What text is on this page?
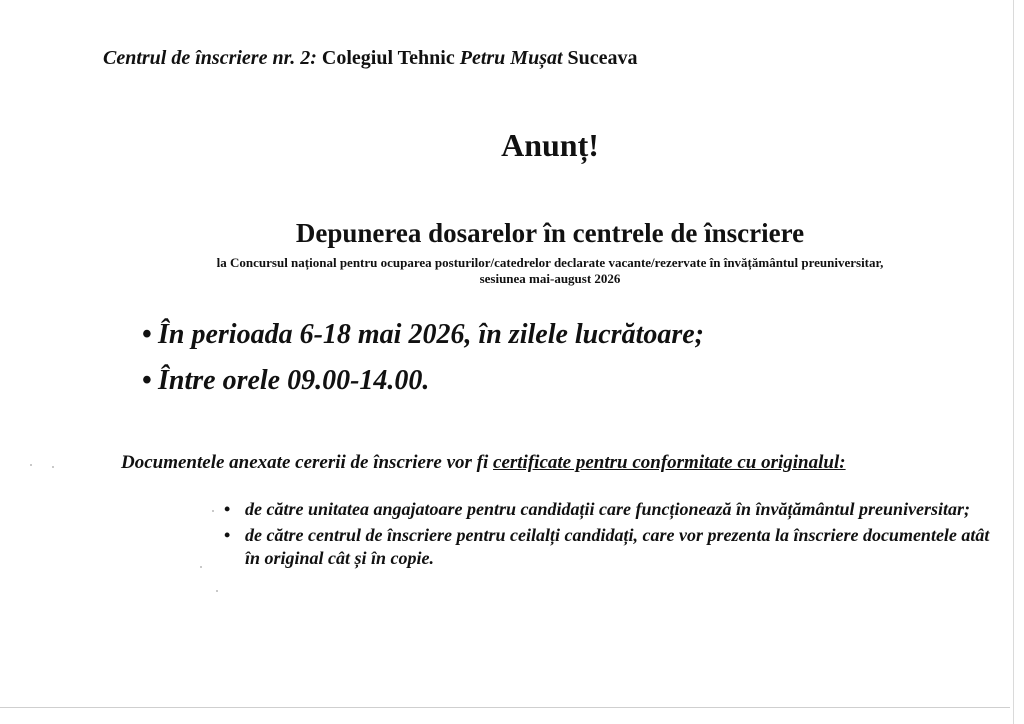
Centrul de înscriere nr. 2: Colegiul Tehnic Petru Mușat Suceava
Anunț!
Depunerea dosarelor în centrele de înscriere
la Concursul național pentru ocuparea posturilor/catedrelor declarate vacante/rezervate în învățământul preuniversitar,
sesiunea mai-august 2026
• În perioada 6-18 mai 2026, în zilele lucrătoare;
• Între orele 09.00-14.00.
Documentele anexate cererii de înscriere vor fi certificate pentru conformitate cu originalul:
• de către unitatea angajatoare pentru candidații care funcționează în învățământul preuniversitar;
• de către centrul de înscriere pentru ceilalți candidați, care vor prezenta la înscriere documentele atât în original cât și în copie.
